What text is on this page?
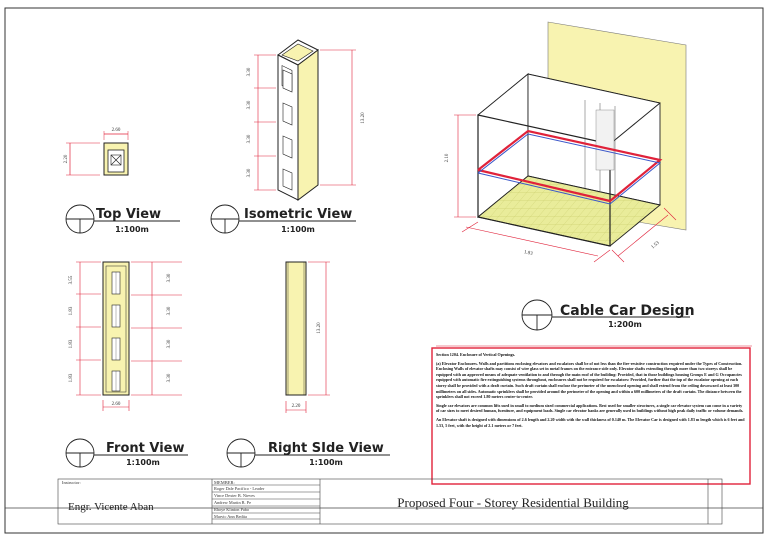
2.60
2.20
3.30
3.30
3.30
3.30
13.20
2.10
1.83
1.53
3.55
1.83
1.83
1.83
3.30
3.30
3.30
3.30
2.60
13.20
2.20
Top View
1:100m
Isometric View
1:100m
Cable Car Design
1:200m
Front View
1:100m
Right SIde View
1:100m
Instructor:
Engr. Vicente Aban
MEMBER:
Roger Dale Pacifico - Leader
Vince Dexter B. Nieves
Andrew Martin B. Pe
Rhoye Klinton Pabo
Marvic Ann Bediia
Proposed Four - Storey Residential Building

Section 1204. Enclosure of Vertical Openings.

(a) Elevator Enclosures. Walls and partitions enclosing elevators and escalators shall be of not less than the fire-resistive construction required under the Types of Construction. Enclosing Walls of elevator shafts may consist of wire glass set in metal frames on the entrance side only. Elevator shafts extending through more than two storeys shall be equipped with an approved means of adequate ventilation to and through the main roof of the building: Provided, that in those buildings housing Groups E and G Occupancies equipped with automatic fire extinguishing systems throughout, enclosures shall not be required for escalators: Provided, further that the top of the escalator opening at each storey shall be provided with a draft curtain. Such draft curtain shall enclose the perimeter of the unenclosed opening and shall extend from the ceiling downward at least 300 millimeters on all sides. Automatic sprinklers shall be provided around the perimeter of the opening and within a 600 millimeters of the draft curtain. The distance between the sprinklers shall not exceed 1.80 meters center-to-center.

Single car elevators are common lifts used in small to medium sized commercial applications. Best used for smaller structures, a single car elevator system can come in a variety of car sizes to meet desired human, furniture, and equipment loads. Single car elevator banks are generally used in buildings without high peak daily traffic or volume demands.

An Elevator shaft is designed with dimensions of 2.6 length and 2.20 width with the wall thickness of 0.140 m. The Elevator Car is designed with 1.83 m length which is 6 feet and 1.53, 5 feet, with the height of 2.1 meters or 7 feet.
